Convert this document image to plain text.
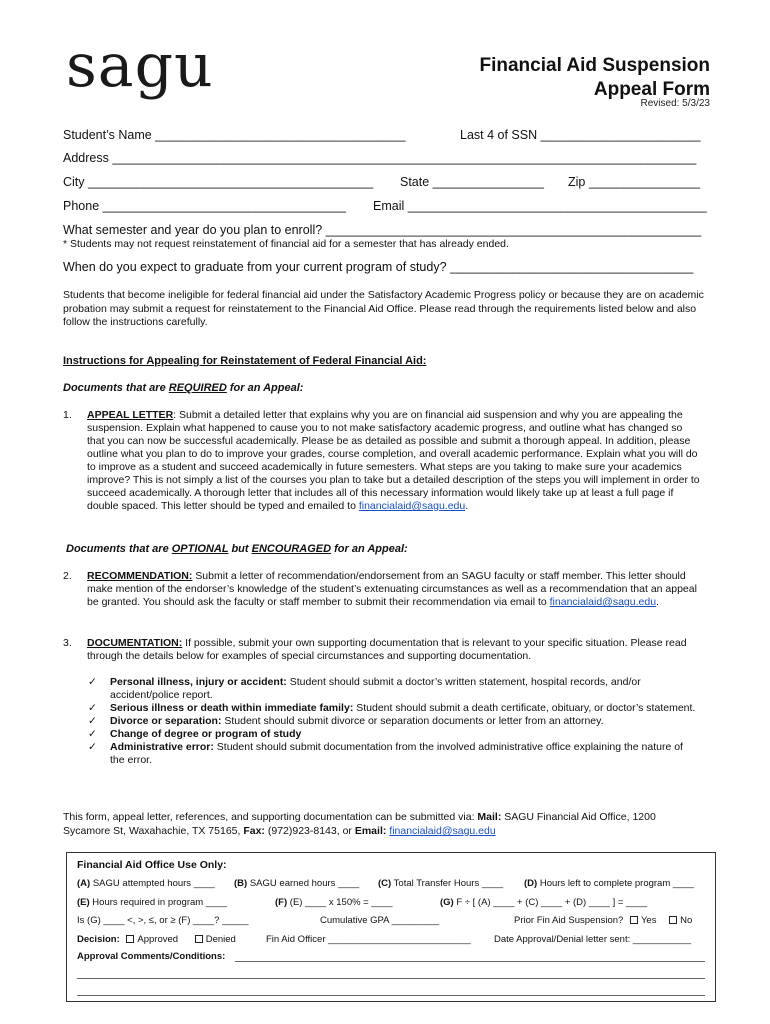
sagu	Financial Aid Suspension
Appeal Form
Revised: 5/3/23
Student’s Name ____________________________________	Last 4 of SSN _______________________
Address ____________________________________________________________________________________
City _________________________________________ State ________________ Zip ________________
Phone ___________________________________ Email ___________________________________________
What semester and year do you plan to enroll? ______________________________________________________
* Students may not request reinstatement of financial aid for a semester that has already ended.
When do you expect to graduate from your current program of study? ___________________________________
Students that become ineligible for federal financial aid under the Satisfactory Academic Progress policy or because they are on academic probation may submit a request for reinstatement to the Financial Aid Office. Please read through the requirements listed below and also follow the instructions carefully.
Instructions for Appealing for Reinstatement of Federal Financial Aid:
Documents that are REQUIRED for an Appeal:
1. APPEAL LETTER: Submit a detailed letter that explains why you are on financial aid suspension and why you are appealing the suspension. Explain what happened to cause you to not make satisfactory academic progress, and outline what has changed so that you can now be successful academically. Please be as detailed as possible and submit a thorough appeal. In addition, please outline what you plan to do to improve your grades, course completion, and overall academic performance. Explain what you will do to improve as a student and succeed academically in future semesters. What steps are you taking to make sure your academics improve? This is not simply a list of the courses you plan to take but a detailed description of the steps you will implement in order to succeed academically. A thorough letter that includes all of this necessary information would likely take up at least a full page if double spaced. This letter should be typed and emailed to financialaid@sagu.edu.
Documents that are OPTIONAL but ENCOURAGED for an Appeal:
2. RECOMMENDATION: Submit a letter of recommendation/endorsement from an SAGU faculty or staff member. This letter should make mention of the endorser’s knowledge of the student’s extenuating circumstances as well as a recommendation that an appeal be granted. You should ask the faculty or staff member to submit their recommendation via email to financialaid@sagu.edu.
3. DOCUMENTATION: If possible, submit your own supporting documentation that is relevant to your specific situation. Please read through the details below for examples of special circumstances and supporting documentation.
✓ Personal illness, injury or accident: Student should submit a doctor’s written statement, hospital records, and/or accident/police report.
✓ Serious illness or death within immediate family: Student should submit a death certificate, obituary, or doctor’s statement.
✓ Divorce or separation: Student should submit divorce or separation documents or letter from an attorney.
✓ Change of degree or program of study
✓ Administrative error: Student should submit documentation from the involved administrative office explaining the nature of the error.
This form, appeal letter, references, and supporting documentation can be submitted via: Mail: SAGU Financial Aid Office, 1200 Sycamore St, Waxahachie, TX 75165, Fax: (972)923-8143, or Email: financialaid@sagu.edu
Financial Aid Office Use Only:
(A) SAGU attempted hours ____ (B) SAGU earned hours ____ (C) Total Transfer Hours ____ (D) Hours left to complete program ____
(E) Hours required in program ____	(F) (E) ____ x 150% = ____	(G) F ÷ [ (A) ____ + (C) ____ + (D) ____ ] = ____
Is (G) ____ <, >, ≤, or ≥ (F) ____? _____	Cumulative GPA _________	Prior Fin Aid Suspension? Yes No
Decision: Approved	Denied	Fin Aid Officer ___________________________ Date Approval/Denial letter sent: ___________
Approval Comments/Conditions:
